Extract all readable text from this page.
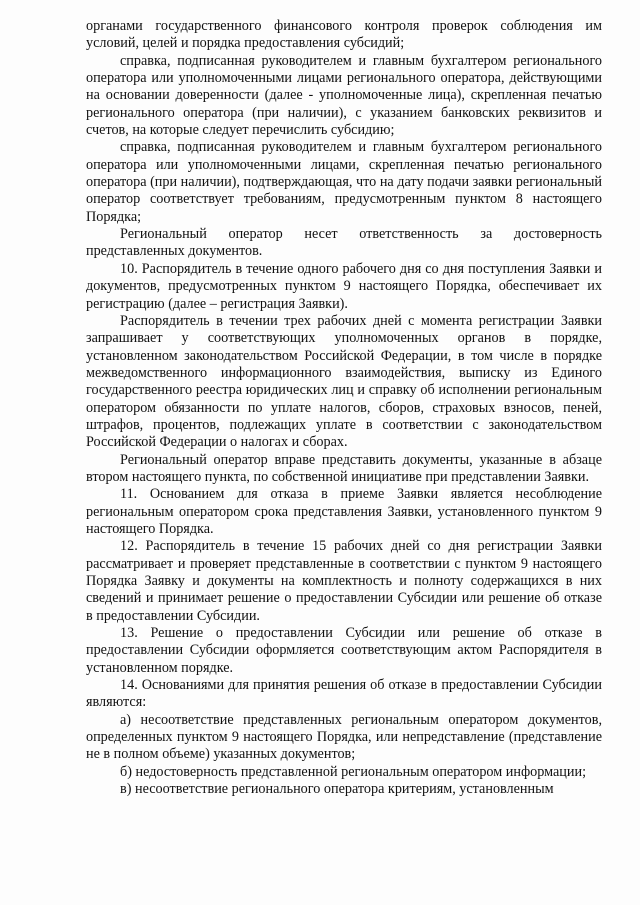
органами государственного финансового контроля проверок соблюдения им условий, целей и порядка предоставления субсидий;

справка, подписанная руководителем и главным бухгалтером регионального оператора или уполномоченными лицами регионального оператора, действующими на основании доверенности (далее - уполномоченные лица), скрепленная печатью регионального оператора (при наличии), с указанием банковских реквизитов и счетов, на которые следует перечислить субсидию;

справка, подписанная руководителем и главным бухгалтером регионального оператора или уполномоченными лицами, скрепленная печатью регионального оператора (при наличии), подтверждающая, что на дату подачи заявки региональный оператор соответствует требованиям, предусмотренным пунктом 8 настоящего Порядка;

Региональный оператор несет ответственность за достоверность представленных документов.

10. Распорядитель в течение одного рабочего дня со дня поступления Заявки и документов, предусмотренных пунктом 9 настоящего Порядка, обеспечивает их регистрацию (далее – регистрация Заявки).

Распорядитель в течении трех рабочих дней с момента регистрации Заявки запрашивает у соответствующих уполномоченных органов в порядке, установленном законодательством Российской Федерации, в том числе в порядке межведомственного информационного взаимодействия, выписку из Единого государственного реестра юридических лиц и справку об исполнении региональным оператором обязанности по уплате налогов, сборов, страховых взносов, пеней, штрафов, процентов, подлежащих уплате в соответствии с законодательством Российской Федерации о налогах и сборах.

Региональный оператор вправе представить документы, указанные в абзаце втором настоящего пункта, по собственной инициативе при представлении Заявки.

11. Основанием для отказа в приеме Заявки является несоблюдение региональным оператором срока представления Заявки, установленного пунктом 9 настоящего Порядка.

12. Распорядитель в течение 15 рабочих дней со дня регистрации Заявки рассматривает и проверяет представленные в соответствии с пунктом 9 настоящего Порядка Заявку и документы на комплектность и полноту содержащихся в них сведений и принимает решение о предоставлении Субсидии или решение об отказе в предоставлении Субсидии.

13. Решение о предоставлении Субсидии или решение об отказе в предоставлении Субсидии оформляется соответствующим актом Распорядителя в установленном порядке.

14. Основаниями для принятия решения об отказе в предоставлении Субсидии являются:

а) несоответствие представленных региональным оператором документов, определенных пунктом 9 настоящего Порядка, или непредставление (представление не в полном объеме) указанных документов;

б) недостоверность представленной региональным оператором информации;

в) несоответствие регионального оператора критериям, установленным
